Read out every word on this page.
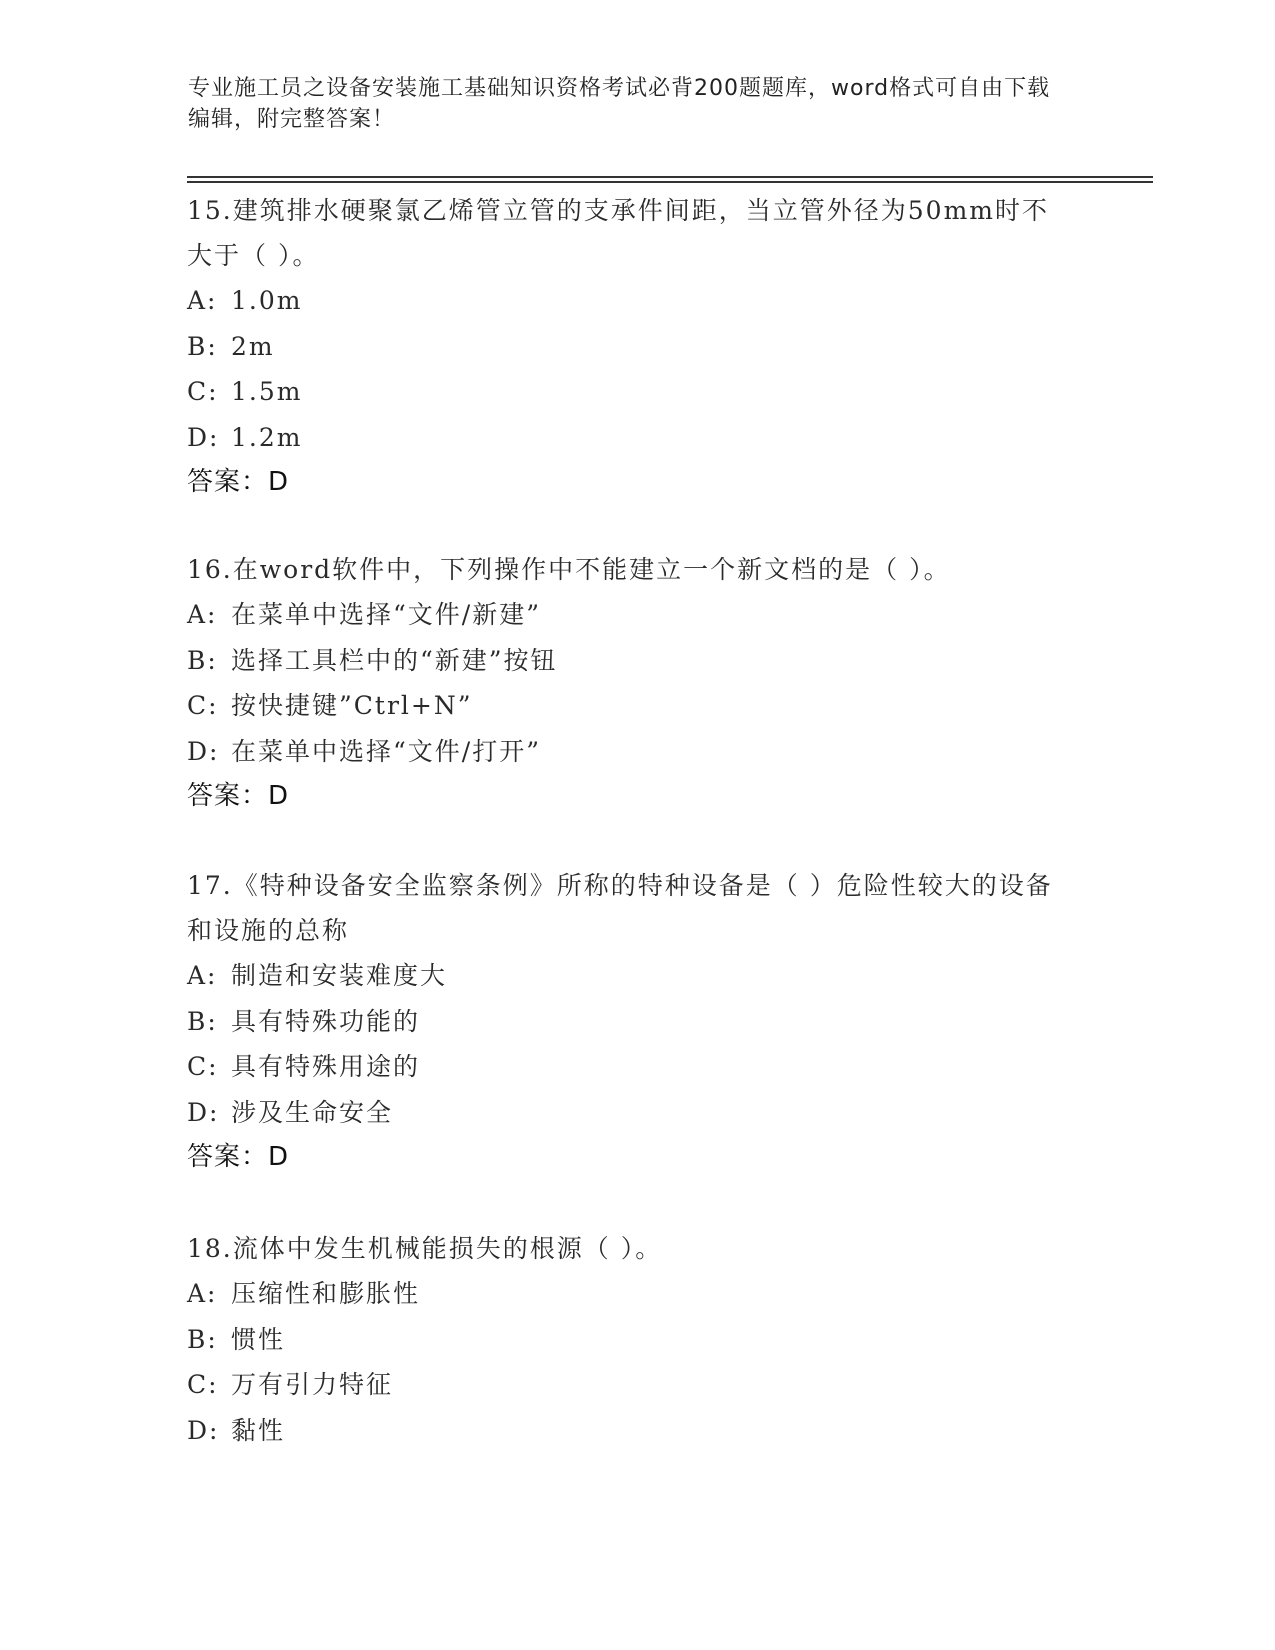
专业施工员之设备安装施工基础知识资格考试必背200题题库，word格式可自由下载编辑，附完整答案！

15.建筑排水硬聚氯乙烯管立管的支承件间距，当立管外径为50mm时不大于（ ）。

A: 1.0m
B: 2m
C: 1.5m
D: 1.2m
答案：D

16.在word软件中，下列操作中不能建立一个新文档的是（ ）。

A: 在菜单中选择“文件/新建”
B: 选择工具栏中的“新建”按钮
C: 按快捷键”Ctrl+N”
D: 在菜单中选择“文件/打开”
答案：D

17.《特种设备安全监察条例》所称的特种设备是（ ）危险性较大的设备和设施的总称

A: 制造和安装难度大
B: 具有特殊功能的
C: 具有特殊用途的
D: 涉及生命安全
答案：D

18.流体中发生机械能损失的根源（ ）。

A: 压缩性和膨胀性
B: 惯性
C: 万有引力特征
D: 黏性
